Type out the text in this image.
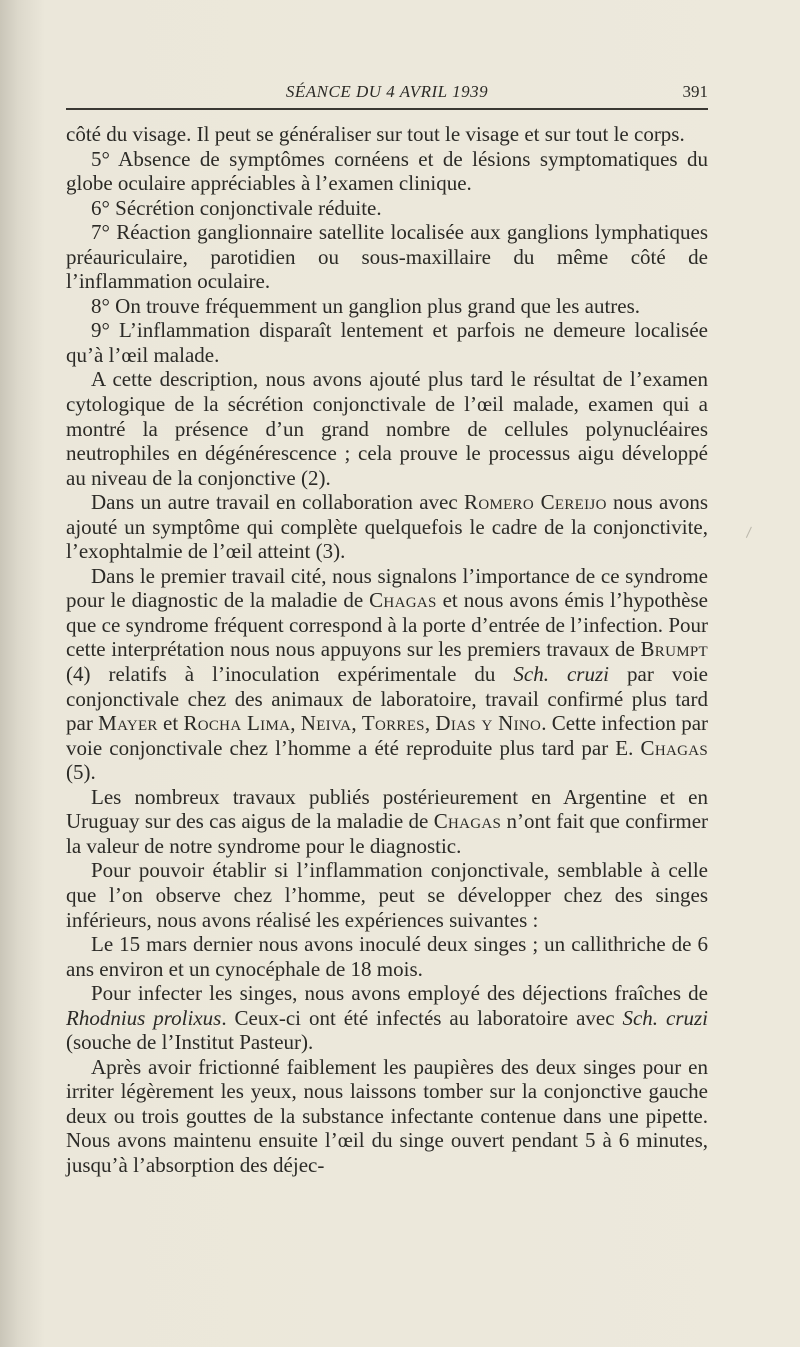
SÉANCE DU 4 AVRIL 1939	391

côté du visage. Il peut se généraliser sur tout le visage et sur tout le corps.

5° Absence de symptômes cornéens et de lésions symptomatiques du globe oculaire appréciables à l’examen clinique.

6° Sécrétion conjonctivale réduite.

7° Réaction ganglionnaire satellite localisée aux ganglions lymphatiques préauriculaire, parotidien ou sous-maxillaire du même côté de l’inflammation oculaire.

8° On trouve fréquemment un ganglion plus grand que les autres.

9° L’inflammation disparaît lentement et parfois ne demeure localisée qu’à l’œil malade.

A cette description, nous avons ajouté plus tard le résultat de l’examen cytologique de la sécrétion conjonctivale de l’œil malade, examen qui a montré la présence d’un grand nombre de cellules polynucléaires neutrophiles en dégénérescence ; cela prouve le processus aigu développé au niveau de la conjonctive (2).

Dans un autre travail en collaboration avec Romero Cereijo nous avons ajouté un symptôme qui complète quelquefois le cadre de la conjonctivite, l’exophtalmie de l’œil atteint (3).

Dans le premier travail cité, nous signalons l’importance de ce syndrome pour le diagnostic de la maladie de Chagas et nous avons émis l’hypothèse que ce syndrome fréquent correspond à la porte d’entrée de l’infection. Pour cette interprétation nous nous appuyons sur les premiers travaux de Brumpt (4) relatifs à l’inoculation expérimentale du Sch. cruzi par voie conjonctivale chez des animaux de laboratoire, travail confirmé plus tard par Mayer et Rocha Lima, Neiva, Torres, Dias y Nino. Cette infection par voie conjonctivale chez l’homme a été reproduite plus tard par E. Chagas (5).

Les nombreux travaux publiés postérieurement en Argentine et en Uruguay sur des cas aigus de la maladie de Chagas n’ont fait que confirmer la valeur de notre syndrome pour le diagnostic.

Pour pouvoir établir si l’inflammation conjonctivale, semblable à celle que l’on observe chez l’homme, peut se développer chez des singes inférieurs, nous avons réalisé les expériences suivantes :

Le 15 mars dernier nous avons inoculé deux singes ; un callithriche de 6 ans environ et un cynocéphale de 18 mois.

Pour infecter les singes, nous avons employé des déjections fraîches de Rhodnius prolixus. Ceux-ci ont été infectés au laboratoire avec Sch. cruzi (souche de l’Institut Pasteur).

Après avoir frictionné faiblement les paupières des deux singes pour en irriter légèrement les yeux, nous laissons tomber sur la conjonctive gauche deux ou trois gouttes de la substance infectante contenue dans une pipette. Nous avons maintenu ensuite l’œil du singe ouvert pendant 5 à 6 minutes, jusqu’à l’absorption des déjec-
